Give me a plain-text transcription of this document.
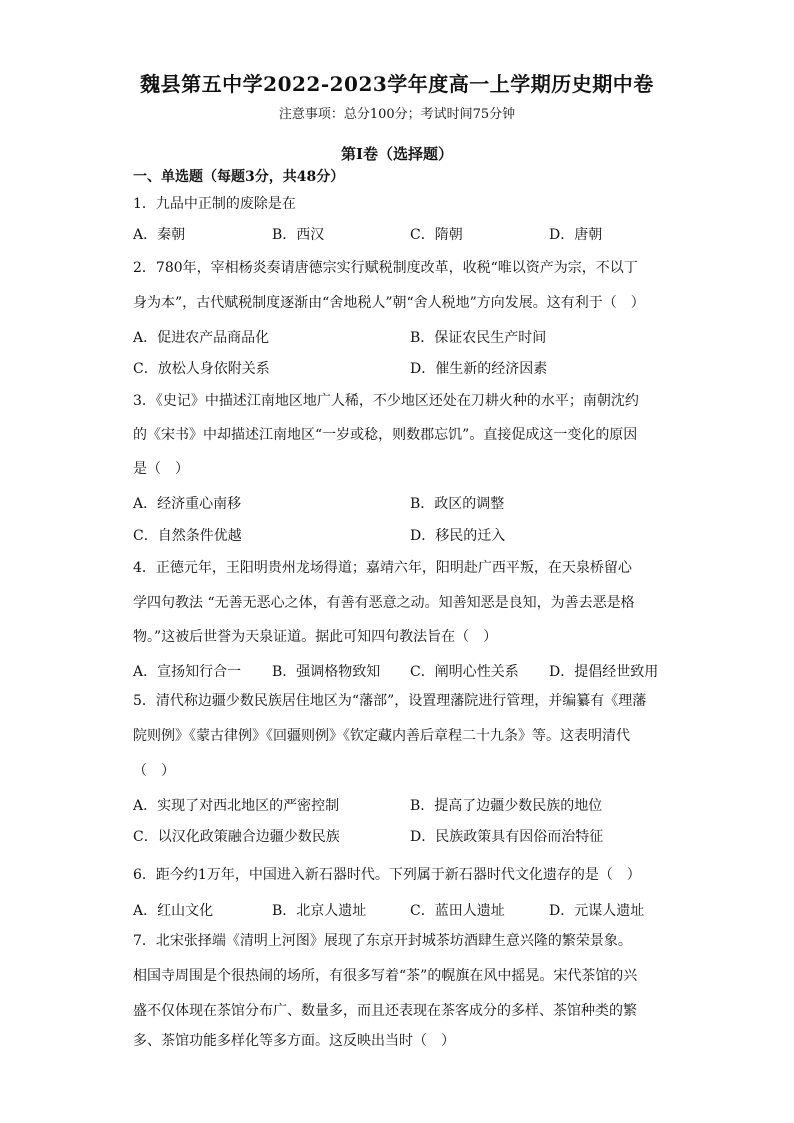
魏县第五中学2022-2023学年度高一上学期历史期中卷
注意事项：总分100分；考试时间75分钟
第I卷（选择题）
一、单选题（每题3分，共48分）
1．九品中正制的废除是在
A．秦朝	B．西汉	C．隋朝	D．唐朝
2．780年，宰相杨炎奏请唐德宗实行赋税制度改革，收税“唯以资产为宗，不以丁
身为本”，古代赋税制度逐渐由“舍地税人”朝“舍人税地”方向发展。这有利于（　）
A．促进农产品商品化	B．保证农民生产时间
C．放松人身依附关系	D．催生新的经济因素
3．《史记》中描述江南地区地广人稀，不少地区还处在刀耕火种的水平；南朝沈约
的《宋书》中却描述江南地区“一岁或稔，则数郡忘饥”。直接促成这一变化的原因
是（　）
A．经济重心南移	B．政区的调整
C．自然条件优越	D．移民的迁入
4．正德元年，王阳明贵州龙场得道；嘉靖六年，阳明赴广西平叛，在天泉桥留心
学四句教法 “无善无恶心之体，有善有恶意之动。知善知恶是良知，为善去恶是格
物。”这被后世誉为天泉证道。据此可知四句教法旨在（　）
A．宣扬知行合一 B．强调格物致知 C．阐明心性关系 D．提倡经世致用
5．清代称边疆少数民族居住地区为“藩部”，设置理藩院进行管理，并编纂有《理藩
院则例》《蒙古律例》《回疆则例》《钦定藏内善后章程二十九条》等。这表明清代
（　）
A．实现了对西北地区的严密控制	B．提高了边疆少数民族的地位
C．以汉化政策融合边疆少数民族	D．民族政策具有因俗而治特征
6．距今约1万年，中国进入新石器时代。下列属于新石器时代文化遗存的是（　）
A．红山文化	B．北京人遗址	C．蓝田人遗址	D．元谋人遗址
7．北宋张择端《清明上河图》展现了东京开封城茶坊酒肆生意兴隆的繁荣景象。
相国寺周围是个很热闹的场所，有很多写着“茶”的幌旗在风中摇晃。宋代茶馆的兴
盛不仅体现在茶馆分布广、数量多，而且还表现在茶客成分的多样、茶馆种类的繁
多、茶馆功能多样化等多方面。这反映出当时（　）
